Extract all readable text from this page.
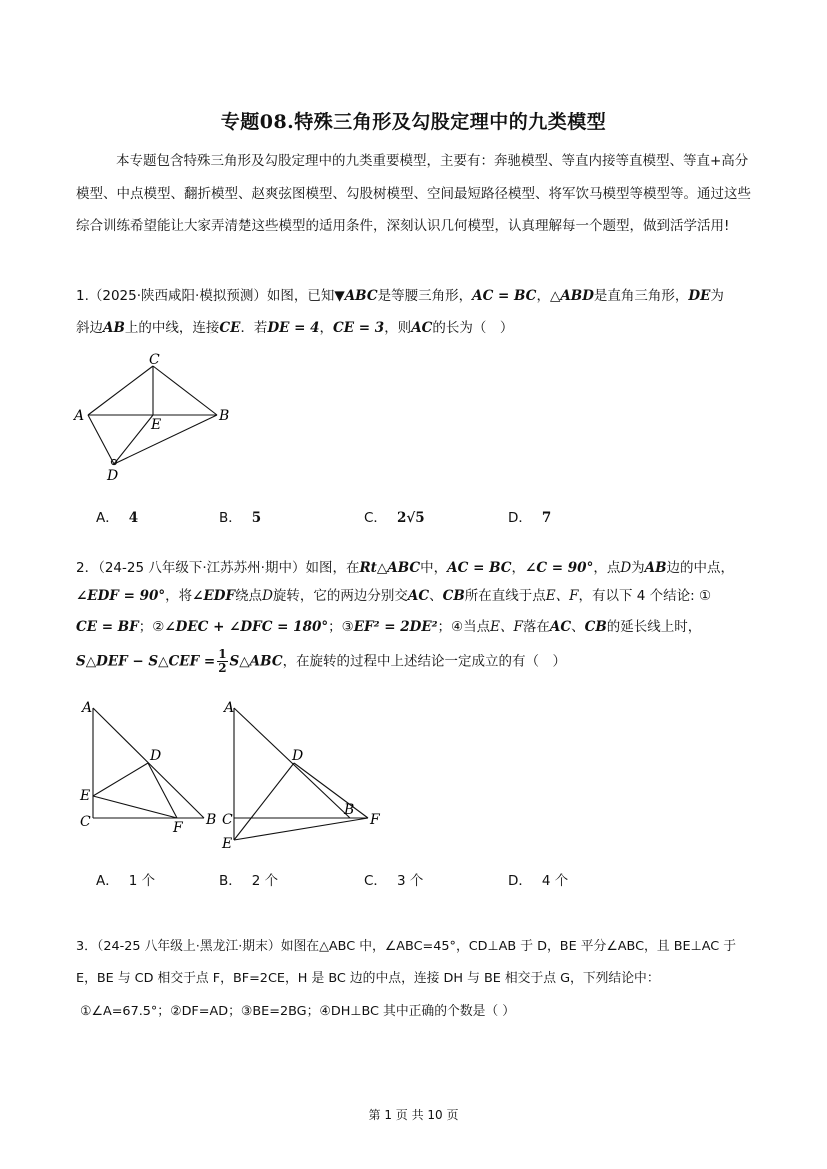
专题08.特殊三角形及勾股定理中的九类模型
本专题包含特殊三角形及勾股定理中的九类重要模型，主要有：奔驰模型、等直内接等直模型、等直+高分模型、中点模型、翻折模型、赵爽弦图模型、勾股树模型、空间最短路径模型、将军饮马模型等模型等。通过这些综合训练希望能让大家弄清楚这些模型的适用条件，深刻认识几何模型，认真理解每一个题型，做到活学活用!
1.（2025·陕西咸阳·模拟预测）如图，已知▼ABC是等腰三角形，AC = BC，△ABD是直角三角形，DE为
斜边AB上的中线，连接CE．若DE = 4，CE = 3，则AC的长为（　）
C
A	B
E
D
A． 4	B． 5	C． 2√5	D． 7
2．（24-25 八年级下·江苏苏州·期中）如图，在Rt△ABC中，AC = BC，∠C = 90°，点D为AB边的中点，
∠EDF = 90°，将∠EDF绕点D旋转，它的两边分别交AC、CB所在直线于点E、F，有以下 4 个结论: ①
CE = BF；②∠DEC + ∠DFC = 180°；③EF² = 2DE²；④当点E、F落在AC、CB的延长线上时，
S△DEF − S△CEF = $\frac{1}{2}$ S△ABC，在旋转的过程中上述结论一定成立的有（　）
A
D
E
C	F B
A
D
C
E
B
F
A． 1 个	B． 2 个	C． 3 个	D． 4 个
3．（24-25 八年级上·黑龙江·期末）如图在△ABC 中，∠ABC=45°，CD⊥AB 于 D，BE 平分∠ABC，且 BE⊥AC 于
E，BE 与 CD 相交于点 F，BF=2CE，H 是 BC 边的中点，连接 DH 与 BE 相交于点 G，下列结论中：
①∠A=67.5°；②DF=AD；③BE=2BG；④DH⊥BC 其中正确的个数是（ ）
第 1 页 共 10 页
